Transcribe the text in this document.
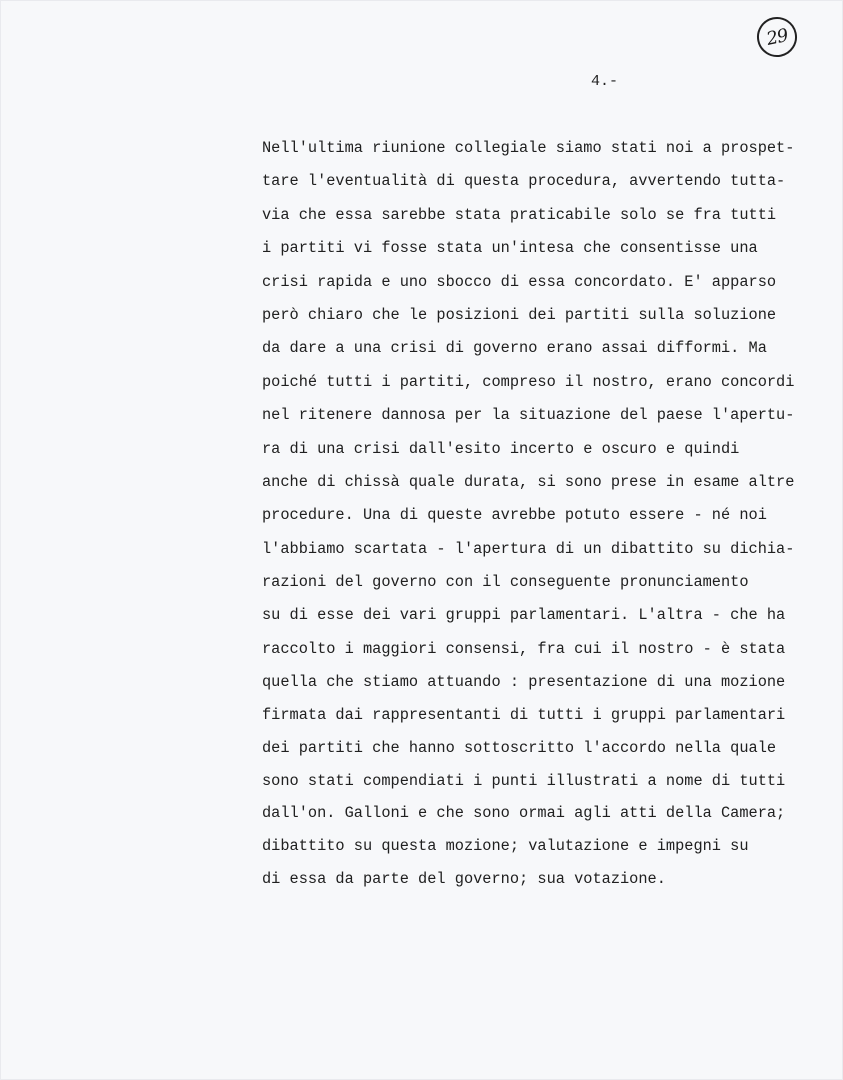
29
4.-
Nell'ultima riunione collegiale siamo stati noi a prospet-
tare l'eventualità di questa procedura, avvertendo tutta-
via che essa sarebbe stata praticabile solo se fra tutti
i partiti vi fosse stata un'intesa che consentisse una
crisi rapida e uno sbocco di essa concordato. E' apparso
però chiaro che le posizioni dei partiti sulla soluzione
da dare a una crisi di governo erano assai difformi. Ma
poiché tutti i partiti, compreso il nostro, erano concordi
nel ritenere dannosa per la situazione del paese l'apertu-
ra di una crisi dall'esito incerto e oscuro e quindi
anche di chissà quale durata, si sono prese in esame altre
procedure. Una di queste avrebbe potuto essere - né noi
l'abbiamo scartata - l'apertura di un dibattito su dichia-
razioni del governo con il conseguente pronunciamento
su di esse dei vari gruppi parlamentari. L'altra - che ha
raccolto i maggiori consensi, fra cui il nostro - è stata
quella che stiamo attuando : presentazione di una mozione
firmata dai rappresentanti di tutti i gruppi parlamentari
dei partiti che hanno sottoscritto l'accordo nella quale
sono stati compendiati i punti illustrati a nome di tutti
dall'on. Galloni e che sono ormai agli atti della Camera;
dibattito su questa mozione; valutazione e impegni su
di essa da parte del governo; sua votazione.
